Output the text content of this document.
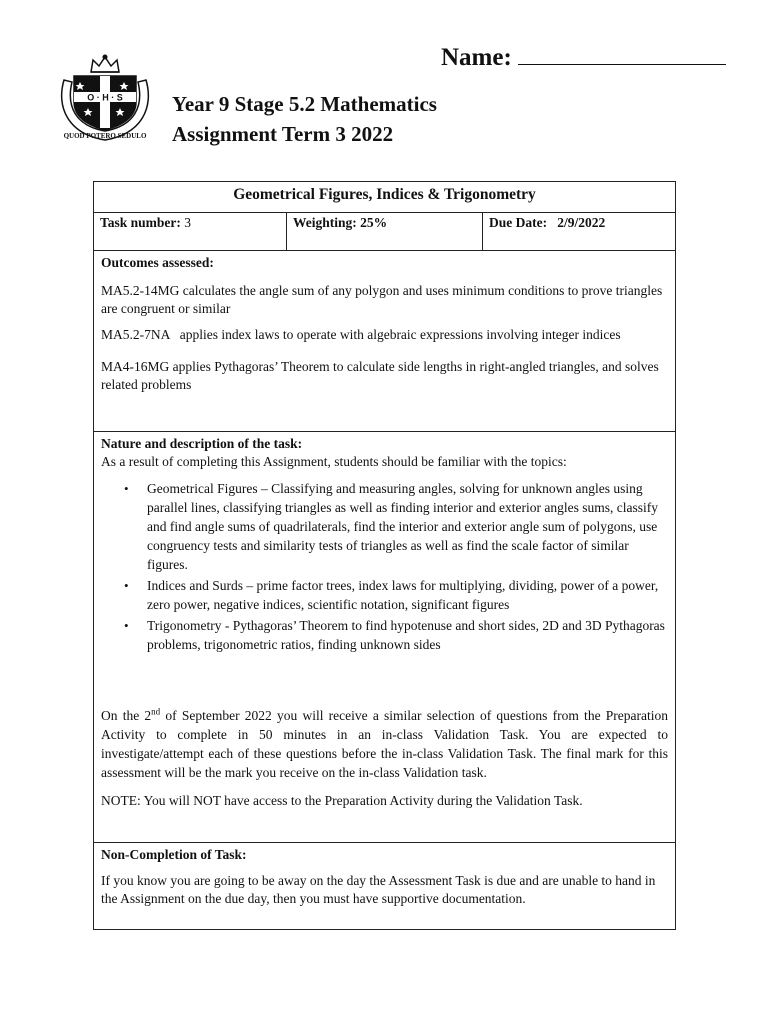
Name:
QUOD POTERO SEDULO
O · H · S Year 9 Stage 5.2 Mathematics
Assignment Term 3 2022
Geometrical Figures, Indices & Trigonometry
Task number: 3	Weighting: 25%	Due Date: 2/9/2022

Outcomes assessed:

MA5.2-14MG calculates the angle sum of any polygon and uses minimum conditions to prove triangles are congruent or similar

MA5.2-7NA   applies index laws to operate with algebraic expressions involving integer indices

MA4-16MG applies Pythagoras’ Theorem to calculate side lengths in right-angled triangles, and solves related problems

Nature and description of the task:

As a result of completing this Assignment, students should be familiar with the topics:

• Geometrical Figures – Classifying and measuring angles, solving for unknown angles using parallel lines, classifying triangles as well as finding interior and exterior angles sums, classify and find angle sums of quadrilaterals, find the interior and exterior angle sum of polygons, use congruency tests and similarity tests of triangles as well as find the scale factor of similar figures.
• Indices and Surds – prime factor trees, index laws for multiplying, dividing, power of a power, zero power, negative indices, scientific notation, significant figures
• Trigonometry - Pythagoras’ Theorem to find hypotenuse and short sides, 2D and 3D Pythagoras problems, trigonometric ratios, finding unknown sides

On the 2nd of September 2022 you will receive a similar selection of questions from the Preparation Activity to complete in 50 minutes in an in-class Validation Task. You are expected to investigate/attempt each of these questions before the in-class Validation Task. The final mark for this assessment will be the mark you receive on the in-class Validation task.

NOTE: You will NOT have access to the Preparation Activity during the Validation Task.

Non-Completion of Task:

If you know you are going to be away on the day the Assessment Task is due and are unable to hand in the Assignment on the due day, then you must have supportive documentation.
